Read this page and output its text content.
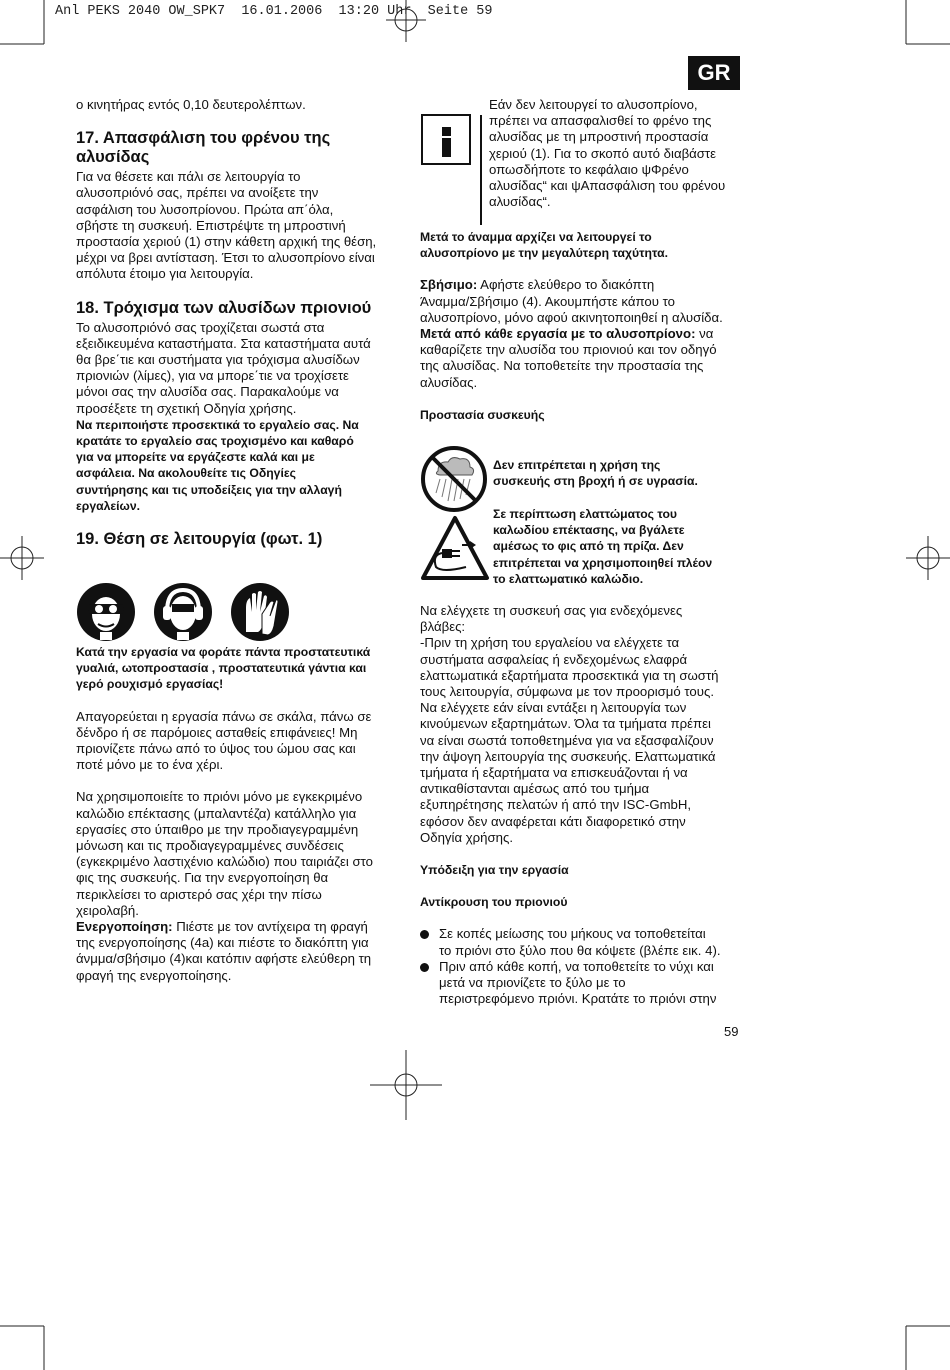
Anl PEKS 2040 OW_SPK7  16.01.2006  13:20 Uhr  Seite 59
GR

ο κινητήρας εντός 0,10 δευτερολέπτων.

17. Απασφάλιση του φρένου της
αλυσίδας

Για να θέσετε και πάλι σε λειτουργία το
αλυσοπριόνό σας, πρέπει να ανοίξετε την
ασφάλιση του λυσοπρίονου. Πρώτα απ΄όλα,
σβήστε τη συσκευή. Επιστρέψτε τη μπροστινή
προστασία χεριού (1) στην κάθετη αρχική της θέση,
μέχρι να βρει αντίσταση. Έτσι το αλυσοπρίονο είναι
απόλυτα έτοιμο για λειτουργία.

18. Τρόχισμα των αλυσίδων πριονιού

Το αλυσοπριόνό σας τροχίζεται σωστά στα
εξειδικευμένα καταστήματα. Στα καταστήματα αυτά
θα βρε΄τιε και συστήματα για τρόχισμα αλυσίδων
πριονιών (λίμες), για να μπορε΄τιε να τροχίσετε
μόνοι σας την αλυσίδα σας. Παρακαλούμε να
προσέξετε τη σχετική Οδηγία χρήσης.

Να περιποιήστε προσεκτικά το εργαλείο σας. Να
κρατάτε το εργαλείο σας τροχισμένο και καθαρό
για να μπορείτε να εργάζεστε καλά και με
ασφάλεια. Να ακολουθείτε τις Οδηγίες
συντήρησης και τις υποδείξεις για την αλλαγή
εργαλείων.

19. Θέση σε λειτουργία (φωτ. 1)

Κατά την εργασία να φοράτε πάντα προστατευτικά
γυαλιά, ωτοπροστασία , προστατευτικά γάντια και
γερό ρουχισμό εργασίας!

Απαγορεύεται η εργασία πάνω σε σκάλα, πάνω σε
δένδρο ή σε παρόμοιες ασταθείς επιφάνειες! Μη
πριονίζετε πάνω από το ύψος του ώμου σας και
ποτέ μόνο με το ένα χέρι.

Να χρησιμοποιείτε το πριόνι μόνο με εγκεκριμένο
καλώδιο επέκτασης (μπαλαντέζα) κατάλληλο για
εργασίες στο ύπαιθρο με την προδιαγεγραμμένη
μόνωση και τις προδιαγεγραμμένες συνδέσεις
(εγκεκριμένο λαστιχένιο καλώδιο) που ταιριάζει στο
φις της συσκευής. Για την ενεργοποίηση θα
περικλείσει το αριστερό σας χέρι την πίσω
χειρολαβή.

Ενεργοποίηση: Πιέστε με τον αντίχειρα τη φραγή
της ενεργοποίησης (4a) και πιέστε το διακόπτη για
άνμμα/σβήσιμο (4)και κατόπιν αφήστε ελεύθερη τη
φραγή της ενεργοποίησης.

Εάν δεν λειτουργεί το αλυσοπρίονο,
πρέπει να απασφαλισθεί το φρένο της
αλυσίδας με τη μπροστινή προστασία
χεριού (1). Για το σκοπό αυτό διαβάστε
οπωσδήποτε το κεφάλαιο ψΦρένο
αλυσίδας“ και ψΑπασφάλιση του φρένου
αλυσίδας“.

Μετά το άναμμα αρχίζει να λειτουργεί το
αλυσοπρίονο με την μεγαλύτερη ταχύτητα.

Σβήσιμο: Αφήστε ελεύθερο το διακόπτη
Άναμμα/Σβήσιμο (4). Ακουμπήστε κάπου το
αλυσοπρίονο, μόνο αφού ακινητοποιηθεί η αλυσίδα.
Μετά από κάθε εργασία με το αλυσοπρίονο: να
καθαρίζετε την αλυσίδα του πριονιού και τον οδηγό
της αλυσίδας. Να τοποθετείτε την προστασία της
αλυσίδας.

Προστασία συσκευής

Δεν επιτρέπεται η χρήση της
συσκευής στη βροχή ή σε υγρασία.
Σε περίπτωση ελαττώματος του
καλωδίου επέκτασης, να βγάλετε
αμέσως το φις από τη πρίζα. Δεν
επιτρέπεται να χρησιμοποιηθεί πλέον
το ελαττωματικό καλώδιο.

Να ελέγχετε τη συσκευή σας για ενδεχόμενες
βλάβες:
-Πριν τη χρήση του εργαλείου να ελέγχετε τα
συστήματα ασφαλείας ή ενδεχομένως ελαφρά
ελαττωματικά εξαρτήματα προσεκτικά για τη σωστή
τους λειτουργία, σύμφωνα με τον προορισμό τους.
Να ελέγχετε εάν είναι εντάξει η λειτουργία των
κινούμενων εξαρτημάτων. Όλα τα τμήματα πρέπει
να είναι σωστά τοποθετημένα για να εξασφαλίζουν
την άψογη λειτουργία της συσκευής. Ελαττωματικά
τμήματα ή εξαρτήματα να επισκευάζονται ή να
αντικαθίστανται αμέσως από του τμήμα
εξυπηρέτησης πελατών ή από την ISC-GmbH,
εφόσον δεν αναφέρεται κάτι διαφορετικό στην
Οδηγία χρήσης.

Υπόδειξη για την εργασία

Αντίκρουση του πριονιού

Σε κοπές μείωσης του μήκους να τοποθετείται
το πριόνι στο ξύλο που θα κόψετε (βλέπε εικ. 4).
Πριν από κάθε κοπή, να τοποθετείτε το νύχι και
μετά να πριονίζετε το ξύλο με το
περιστρεφόμενο πριόνι. Κρατάτε το πριόνι στην
59
